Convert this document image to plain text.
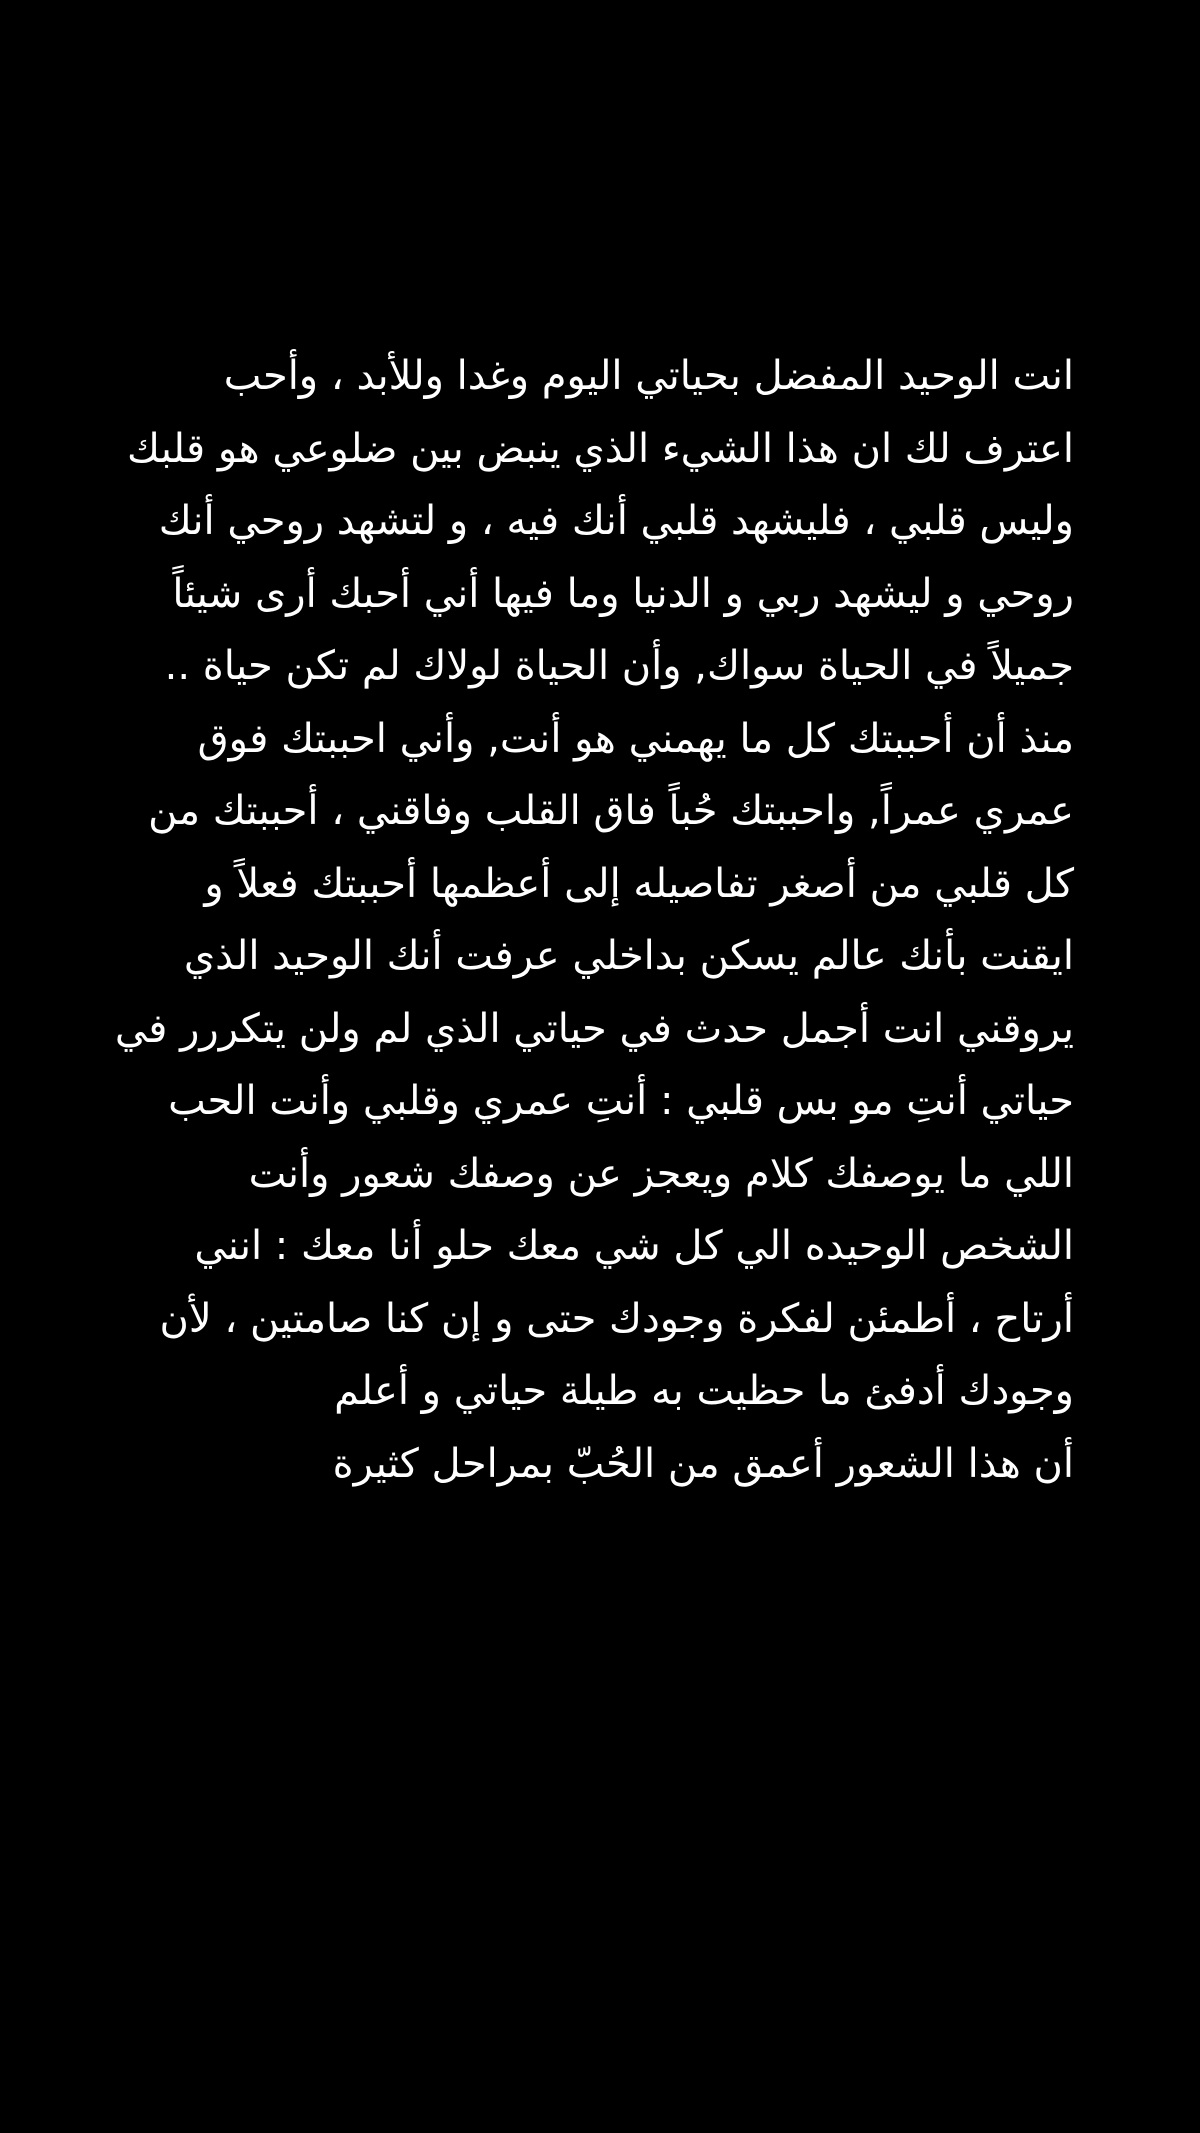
انت الوحيد المفضل بحياتي اليوم وغدا وللأبد ، وأحب
اعترف لك ان هذا الشيء الذي ينبض بين ضلوعي هو قلبك
وليس قلبي ، فليشهد قلبي أنك فيه ، و لتشهد روحي أنك
روحي و ليشهد ربي و الدنيا وما فيها أني أحبك أرى شيئاً
جميلاً في الحياة سواك, وأن الحياة لولاك لم تكن حياة ..
منذ أن أحببتك كل ما يهمني هو أنت, وأني احببتك فوق
عمري عمراً, واحببتك حُباً فاق القلب وفاقني ، أحببتك من
كل قلبي من أصغر تفاصيله إلى أعظمها أحببتك فعلاً و
ايقنت بأنك عالم يسكن بداخلي عرفت أنك الوحيد الذي
يروقني انت أجمل حدث في حياتي الذي لم ولن يتكررر في
حياتي أنتِ مو بس قلبي : أنتِ عمري وقلبي وأنت الحب
اللي ما يوصفك كلام ويعجز عن وصفك شعور وأنت
الشخص الوحيده الي كل شي معك حلو أنا معك : انني
أرتاح ، أطمئن لفكرة وجودك حتى و إن كنا صامتين ، لأن
وجودك أدفئ ما حظيت به طيلة حياتي و أعلم
أن هذا الشعور أعمق من الحُبّ بمراحل كثيرة
